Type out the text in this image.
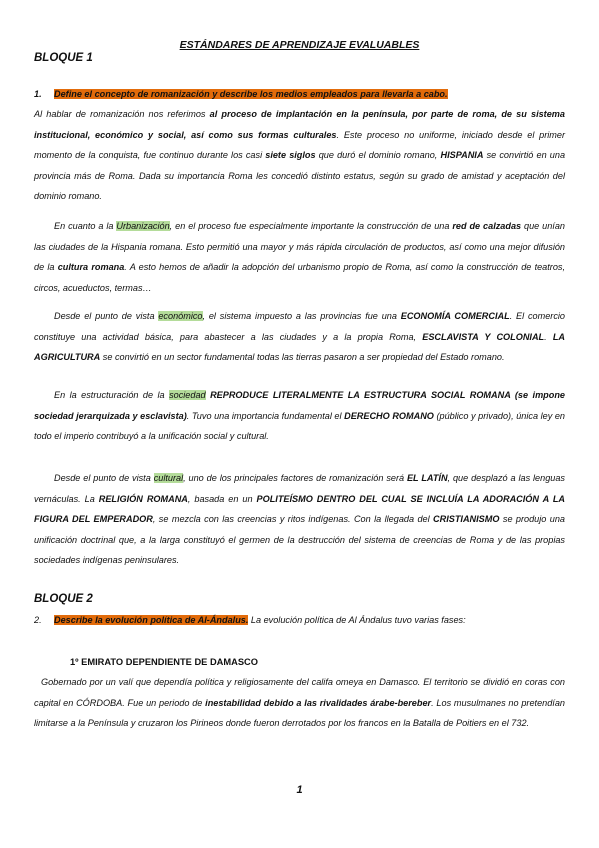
ESTÁNDARES DE APRENDIZAJE EVALUABLES
BLOQUE 1
1. Define el concepto de romanización y describe los medios empleados para llevarla a cabo.

Al hablar de romanización nos referimos al proceso de implantación en la península, por parte de roma, de su sistema institucional, económico y social, así como sus formas culturales. Este proceso no uniforme, iniciado desde el primer momento de la conquista, fue continuo durante los casi siete siglos que duró el dominio romano, HISPANIA se convirtió en una provincia más de Roma. Dada su importancia Roma les concedió distinto estatus, según su grado de amistad y aceptación del dominio romano.

En cuanto a la Urbanización, en el proceso fue especialmente importante la construcción de una red de calzadas que unían las ciudades de la Hispania romana. Esto permitió una mayor y más rápida circulación de productos, así como una mejor difusión de la cultura romana. A esto hemos de añadir la adopción del urbanismo propio de Roma, así como la construcción de teatros, circos, acueductos, termas…

Desde el punto de vista económico, el sistema impuesto a las provincias fue una ECONOMÍA COMERCIAL. El comercio constituye una actividad básica, para abastecer a las ciudades y a la propia Roma, ESCLAVISTA Y COLONIAL. LA AGRICULTURA se convirtió en un sector fundamental todas las tierras pasaron a ser propiedad del Estado romano.

En la estructuración de la sociedad REPRODUCE LITERALMENTE LA ESTRUCTURA SOCIAL ROMANA (se impone sociedad jerarquizada y esclavista). Tuvo una importancia fundamental el DERECHO ROMANO (público y privado), única ley en todo el imperio contribuyó a la unificación social y cultural.

Desde el punto de vista cultural, uno de los principales factores de romanización será EL LATÍN, que desplazó a las lenguas vernáculas. La RELIGIÓN ROMANA, basada en un POLITEÍSMO DENTRO DEL CUAL SE INCLUÍA LA ADORACIÓN A LA FIGURA DEL EMPERADOR, se mezcla con las creencias y ritos indígenas. Con la llegada del CRISTIANISMO se produjo una unificación doctrinal que, a la larga constituyó el germen de la destrucción del sistema de creencias de Roma y de las propias sociedades indígenas peninsulares.

BLOQUE 2
2. Describe la evolución política de Al-Ándalus. La evolución política de Al Ándalus tuvo varias fases:
1º EMIRATO DEPENDIENTE DE DAMASCO

Gobernado por un valí que dependía política y religiosamente del califa omeya en Damasco. El territorio se dividió en coras con capital en CÓRDOBA. Fue un periodo de inestabilidad debido a las rivalidades árabe-bereber. Los musulmanes no pretendían limitarse a la Península y cruzaron los Pirineos donde fueron derrotados por los francos en la Batalla de Poitiers en el 732.

1
